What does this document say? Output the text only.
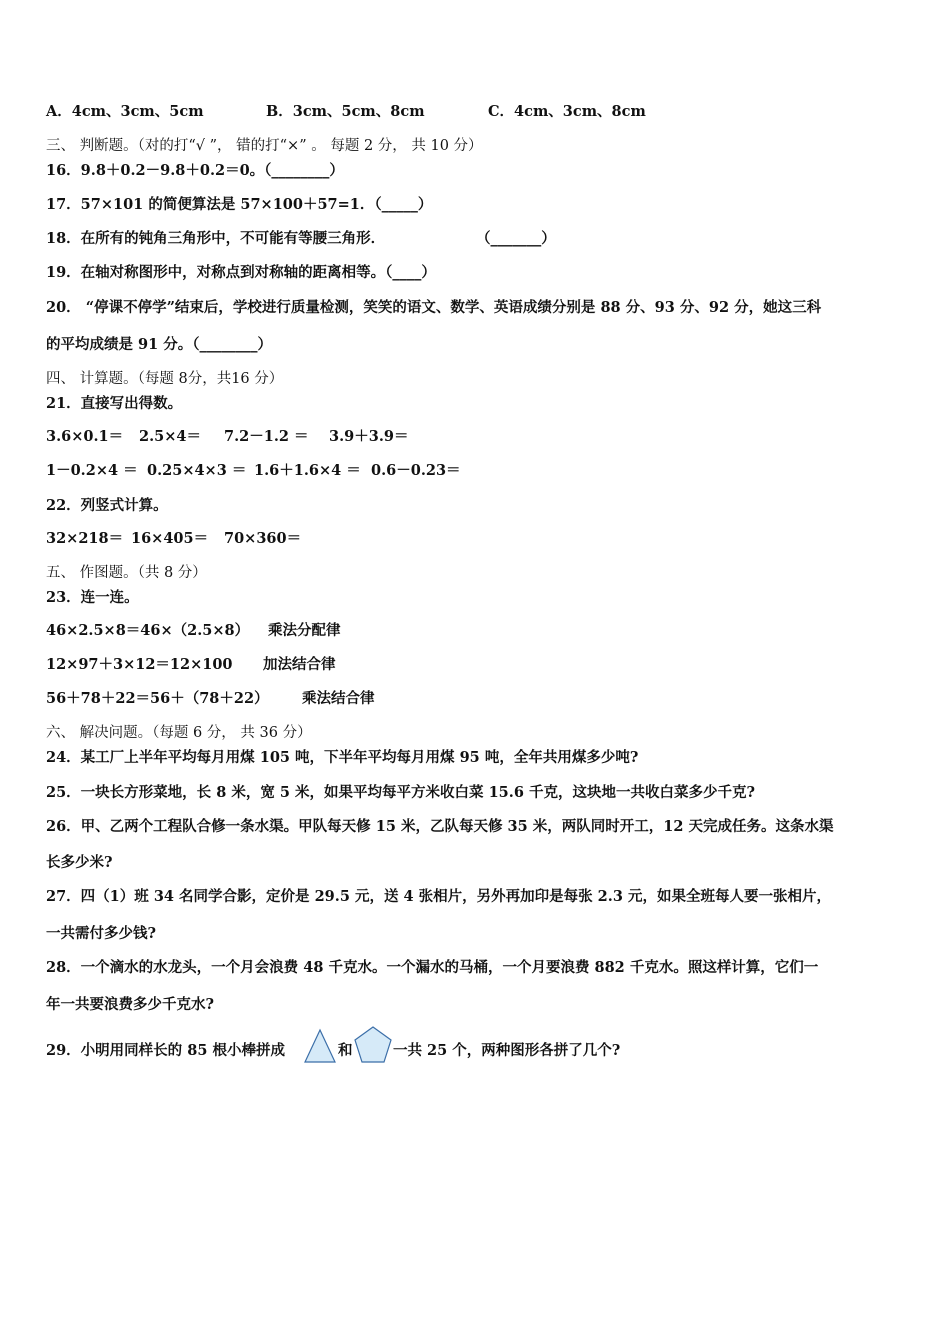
A．4cm、3cm、5cm	B．3cm、5cm、8cm	C．4cm、3cm、8cm
三、 判断题。（对的打“√ ”， 错的打“×” 。 每题 2 分， 共 10 分）
16．9.8＋0.2－9.8＋0.2＝0。（________）
17．57×101 的简便算法是 57×100＋57=1．（_____）
18．在所有的钝角三角形中，不可能有等腰三角形．	（_______）
19．在轴对称图形中，对称点到对称轴的距离相等。（____）
20． “停课不停学”结束后，学校进行质量检测，笑笑的语文、数学、英语成绩分别是 88 分、93 分、92 分，她这三科
的平均成绩是 91 分。（________）
四、 计算题。（每题 8分，共16 分）
21．直接写出得数。
3.6×0.1＝ 2.5×4＝ 7.2－1.2 ＝ 3.9＋3.9＝
1－0.2×4 ＝ 0.25×4×3 ＝ 1.6＋1.6×4 ＝ 0.6－0.23＝
22．列竖式计算。
32×218＝ 16×405＝ 70×360＝
五、 作图题。（共 8 分）
23．连一连。
46×2.5×8＝46×（2.5×8） 乘法分配律
12×97＋3×12＝12×100 加法结合律
56＋78＋22＝56＋（78＋22） 乘法结合律
六、 解决问题。（每题 6 分， 共 36 分）
24．某工厂上半年平均每月用煤 105 吨，下半年平均每月用煤 95 吨，全年共用煤多少吨?
25．一块长方形菜地，长 8 米，宽 5 米，如果平均每平方米收白菜 15.6 千克，这块地一共收白菜多少千克?
26．甲、乙两个工程队合修一条水渠。甲队每天修 15 米，乙队每天修 35 米，两队同时开工，12 天完成任务。这条水渠
长多少米?
27．四（1）班 34 名同学合影，定价是 29.5 元，送 4 张相片，另外再加印是每张 2.3 元，如果全班每人要一张相片，
一共需付多少钱?
28．一个滴水的水龙头，一个月会浪费 48 千克水。一个漏水的马桶，一个月要浪费 882 千克水。照这样计算，它们一
年一共要浪费多少千克水?
29．小明用同样长的 85 根小棒拼成	和	一共 25 个，两种图形各拼了几个?
